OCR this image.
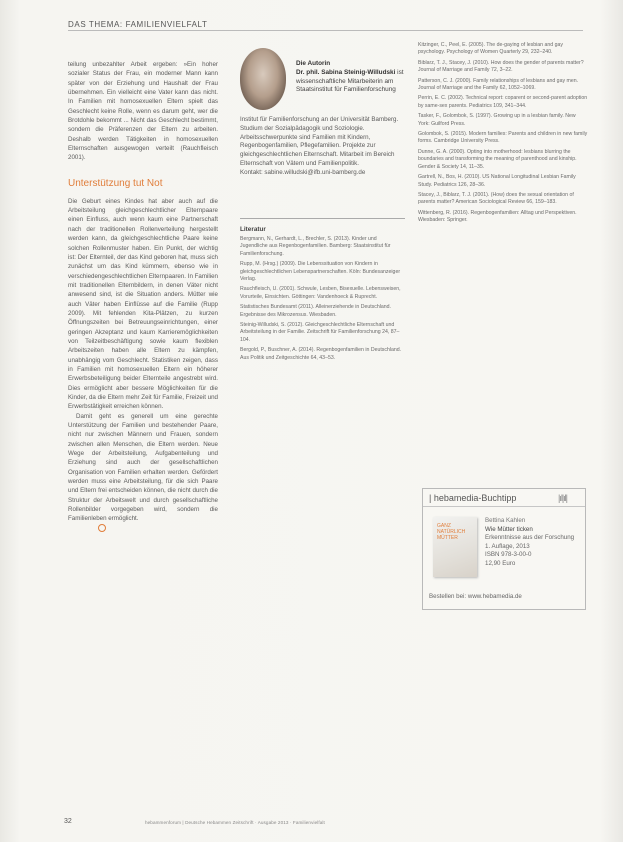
DAS THEMA: FAMILIENVIELFALT

teilung unbezahlter Arbeit ergeben: »Ein hoher sozialer Status der Frau, ein moderner Mann kann später von der Erziehung und Haushalt der Frau übernehmen. Ein vielleicht eine Vater kann das nicht. In Familien mit homosexuellen Eltern spielt das Geschlecht keine Rolle, wenn es darum geht, wer die Brotdohle bekommt ... Nicht das Geschlecht bestimmt, sondern die Präferenzen der Eltern zu arbeiten. Deshalb werden Tätigkeiten in homosexuellen Elternschaften ausgewogen verteilt (Rauchfleisch 2001).

Unterstützung tut Not

Die Geburt eines Kindes hat aber auch auf die Arbeitsteilung gleichgeschlechtlicher Elternpaare einen Einfluss, auch wenn kaum eine Partnerschaft nach der traditionellen Rollenverteilung hergestellt werden kann, da gleichgeschlechtliche Paare keine solchen Rollenmuster haben. Ein Punkt, der wichtig ist: Der Elternteil, der das Kind geboren hat, muss sich zunächst um das Kind kümmern, ebenso wie in verschiedengeschlechtlichen Elternpaaren. In Familien mit traditionellen Elternbildern, in denen Väter nicht anwesend sind, ist die Situation anders. Mütter wie auch Väter haben Einflüsse auf die Familie (Rupp 2009). Mit fehlenden Kita-Plätzen, zu kurzen Öffnungszeiten bei Betreuungseinrichtungen, einer geringen Akzeptanz und kaum Karrieremöglichkeiten von Teilzeitbeschäftigung sowie kaum flexiblen Arbeitszeiten haben alle Eltern zu kämpfen, unabhängig vom Geschlecht. Statistiken zeigen, dass in Familien mit homosexuellen Eltern ein höherer Erwerbsbeteiligung beider Elternteile angestrebt wird. Dies ermöglicht aber bessere Möglichkeiten für die Kinder, da die Eltern mehr Zeit für Familie, Freizeit und Erwerbstätigkeit erreichen können.

Damit geht es generell um eine gerechte Unterstützung der Familien und bestehender Paare, nicht nur zwischen Männern und Frauen, sondern zwischen allen Menschen, die Eltern werden. Neue Wege der Arbeitsteilung, Aufgabenteilung und Erziehung sind auch der gesellschaftlichen Organisation von Familien erhalten werden. Gefördert werden muss eine Arbeitsteilung, für die sich Paare und Eltern frei entscheiden können, die nicht durch die Struktur der Arbeitswelt und durch gesellschaftliche Rollenbilder vorgegeben wird, sondern die Familienleben ermöglicht.

Die Autorin
Dr. phil. Sabina Steinig-Willudski ist wissenschaftliche Mitarbeiterin am Staatsinstitut für Familienforschung
Institut für Familienforschung an der Universität Bamberg. Studium der Sozialpädagogik und Soziologie. Arbeitsschwerpunkte sind Familien mit Kindern, Regenbogenfamilien, Pflegefamilien. Projekte zur gleichgeschlechtlichen Elternschaft. Mitarbeit im Bereich Elternschaft von Vätern und Familienpolitik.
Kontakt: sabine.willudski@ifb.uni-bamberg.de
Literatur

Bergmann, N., Gerhardt, L., Brechler, S. (2013). Kinder und Jugendliche aus Regenbogenfamilien. Bamberg: Staatsinstitut für Familienforschung.

Rupp, M. (Hrsg.) (2009). Die Lebenssituation von Kindern in gleichgeschlechtlichen Lebenspartnerschaften. Köln: Bundesanzeiger Verlag.

Rauchfleisch, U. (2001). Schwule, Lesben, Bisexuelle. Lebensweisen, Vorurteile, Einsichten. Göttingen: Vandenhoeck & Ruprecht.

Statistisches Bundesamt (2011). Alleinerziehende in Deutschland. Ergebnisse des Mikrozensus. Wiesbaden.

Steinig-Willudski, S. (2012). Gleichgeschlechtliche Elternschaft und Arbeitsteilung in der Familie. Zeitschrift für Familienforschung 24, 87–104.

Bergold, P., Buschner, A. (2014). Regenbogenfamilien in Deutschland. Aus Politik und Zeitgeschichte 64, 43–53.

Kitzinger, C., Peel, E. (2005). The de-gaying of lesbian and gay psychology. Psychology of Women Quarterly 29, 232–240.

Biblarz, T. J., Stacey, J. (2010). How does the gender of parents matter? Journal of Marriage and Family 72, 3–22.

Patterson, C. J. (2000). Family relationships of lesbians and gay men. Journal of Marriage and the Family 62, 1052–1069.

Perrin, E. C. (2002). Technical report: coparent or second-parent adoption by same-sex parents. Pediatrics 109, 341–344.

Tasker, F., Golombok, S. (1997). Growing up in a lesbian family. New York: Guilford Press.

Golombok, S. (2015). Modern families: Parents and children in new family forms. Cambridge University Press.

Dunne, G. A. (2000). Opting into motherhood: lesbians blurring the boundaries and transforming the meaning of parenthood and kinship. Gender & Society 14, 11–35.

Gartrell, N., Bos, H. (2010). US National Longitudinal Lesbian Family Study. Pediatrics 126, 28–36.

Stacey, J., Biblarz, T. J. (2001). (How) does the sexual orientation of parents matter? American Sociological Review 66, 159–183.

Wittenberg, R. (2016). Regenbogenfamilien: Alltag und Perspektiven. Wiesbaden: Springer.

| hebamedia-Buchtipp	|ıl|ıl|
GANZ NATÜRLICH MÜTTER
Bettina Kahlen
Wie Mütter ticken
Erkenntnisse aus der Forschung
1. Auflage, 2013
ISBN 978-3-00-0
12,90 Euro
Bestellen bei: www.hebamedia.de
32	hebammenforum | Deutsche Hebammen Zeitschrift · Ausgabe 2013 · Familienvielfalt
